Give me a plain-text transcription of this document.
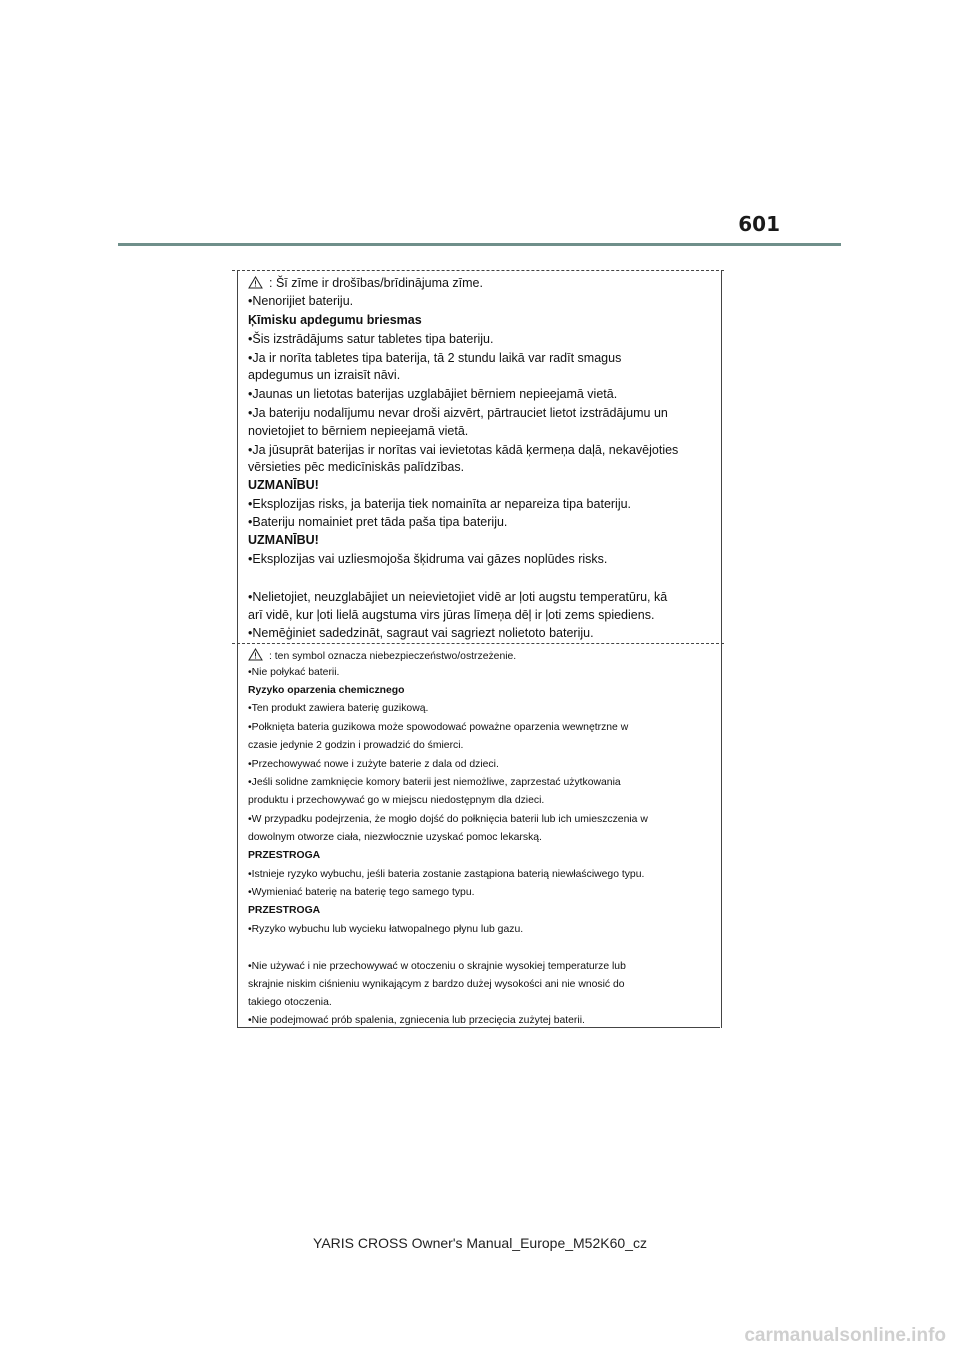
601
: Šī zīme ir drošības/brīdinājuma zīme.
•Nenorijiet bateriju.
Ķīmisku apdegumu briesmas
•Šis izstrādājums satur tabletes tipa bateriju.
•Ja ir norīta tabletes tipa baterija, tā 2 stundu laikā var radīt smagus
apdegumus un izraisīt nāvi.
•Jaunas un lietotas baterijas uzglabājiet bērniem nepieejamā vietā.
•Ja bateriju nodalījumu nevar droši aizvērt, pārtrauciet lietot izstrādājumu un
novietojiet to bērniem nepieejamā vietā.
•Ja jūsuprāt baterijas ir norītas vai ievietotas kādā ķermeņa daļā, nekavējoties
vērsieties pēc medicīniskās palīdzības.
UZMANĪBU!
•Eksplozijas risks, ja baterija tiek nomainīta ar nepareiza tipa bateriju.
•Bateriju nomainiet pret tāda paša tipa bateriju.
UZMANĪBU!
•Eksplozijas vai uzliesmojoša šķidruma vai gāzes noplūdes risks.
•Nelietojiet, neuzglabājiet un neievietojiet vidē ar ļoti augstu temperatūru, kā
arī vidē, kur ļoti lielā augstuma virs jūras līmeņa dēļ ir ļoti zems spiediens.
•Nemēģiniet sadedzināt, sagraut vai sagriezt nolietoto bateriju.
: ten symbol oznacza niebezpieczeństwo/ostrzeżenie.
•Nie połykać baterii.
Ryzyko oparzenia chemicznego
•Ten produkt zawiera baterię guzikową.
•Połknięta bateria guzikowa może spowodować poważne oparzenia wewnętrzne w
czasie jedynie 2 godzin i prowadzić do śmierci.
•Przechowywać nowe i zużyte baterie z dala od dzieci.
•Jeśli solidne zamknięcie komory baterii jest niemożliwe, zaprzestać użytkowania
produktu i przechowywać go w miejscu niedostępnym dla dzieci.
•W przypadku podejrzenia, że mogło dojść do połknięcia baterii lub ich umieszczenia w
dowolnym otworze ciała, niezwłocznie uzyskać pomoc lekarską.
PRZESTROGA
•Istnieje ryzyko wybuchu, jeśli bateria zostanie zastąpiona baterią niewłaściwego typu.
•Wymieniać baterię na baterię tego samego typu.
PRZESTROGA
•Ryzyko wybuchu lub wycieku łatwopalnego płynu lub gazu.
•Nie używać i nie przechowywać w otoczeniu o skrajnie wysokiej temperaturze lub
skrajnie niskim ciśnieniu wynikającym z bardzo dużej wysokości ani nie wnosić do
takiego otoczenia.
•Nie podejmować prób spalenia, zgniecenia lub przecięcia zużytej baterii.
YARIS CROSS Owner's Manual_Europe_M52K60_cz
carmanualsonline.info
